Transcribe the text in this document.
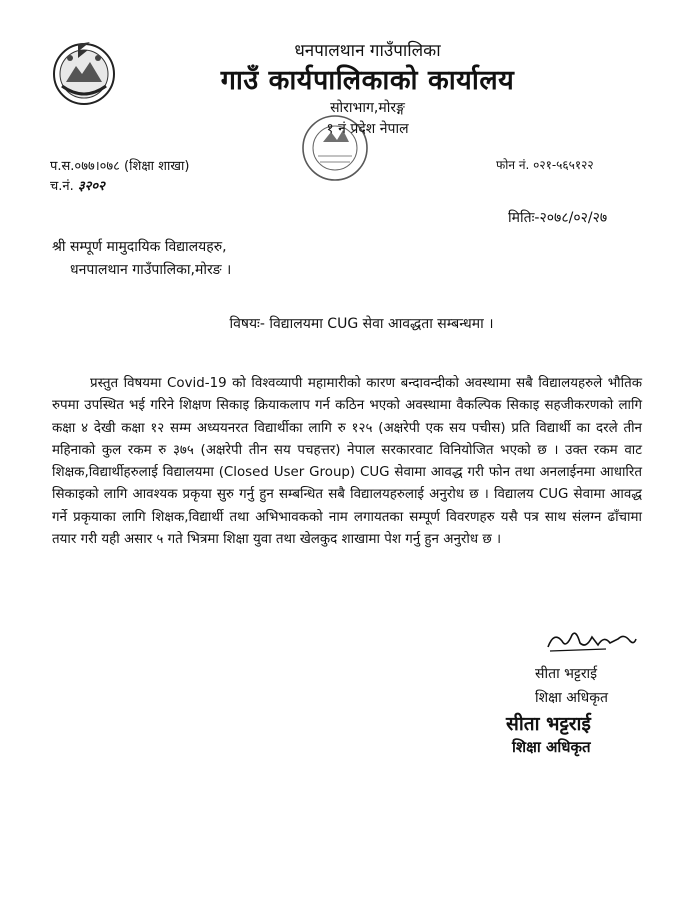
धनपालथान गाउँपालिका
गाउँ कार्यपालिकाको कार्यालय
सोराभाग,मोरङ्ग
१ नं प्रदेश नेपाल
प.स.०७७।०७८ (शिक्षा शाखा)
च.नं. ३२०२
फोन नं. ०२१-५६५१२२
मितिः-२०७८/०२/२७
श्री सम्पूर्ण मामुदायिक विद्यालयहरु,
धनपालथान गाउँपालिका,मोरङ ।
विषयः- विद्यालयमा CUG सेवा आवद्धता सम्बन्धमा ।

प्रस्तुत विषयमा Covid-19 को विश्वव्यापी महामारीको कारण बन्दावन्दीको अवस्थामा सबै विद्यालयहरुले भौतिक रुपमा उपस्थित भई गरिने शिक्षण सिकाइ क्रियाकलाप गर्न कठिन भएको अवस्थामा वैकल्पिक सिकाइ सहजीकरणको लागि कक्षा ४ देखी कक्षा १२ सम्म अध्ययनरत विद्यार्थीका लागि रु १२५ (अक्षरेपी एक सय पचीस) प्रति विद्यार्थी का दरले तीन महिनाको कुल रकम रु ३७५ (अक्षरेपी तीन सय पचहत्तर) नेपाल सरकारवाट विनियोजित भएको छ । उक्त रकम वाट शिक्षक,विद्यार्थीहरुलाई विद्यालयमा (Closed User Group) CUG सेवामा आवद्ध गरी फोन तथा अनलाईनमा आधारित सिकाइको लागि आवश्यक प्रकृया सुरु गर्नु हुन सम्बन्धित सबै विद्यालयहरुलाई अनुरोध छ । विद्यालय CUG सेवामा आवद्ध गर्ने प्रकृयाका लागि शिक्षक,विद्यार्थी तथा अभिभावकको नाम लगायतका सम्पूर्ण विवरणहरु यसै पत्र साथ संलग्न ढाँचामा तयार गरी यही असार ५ गते भित्रमा शिक्षा युवा तथा खेलकुद शाखामा पेश गर्नु हुन अनुरोध छ ।

सीता भट्टराई
शिक्षा अधिकृत
सीता भट्टराई
शिक्षा अधिकृत
